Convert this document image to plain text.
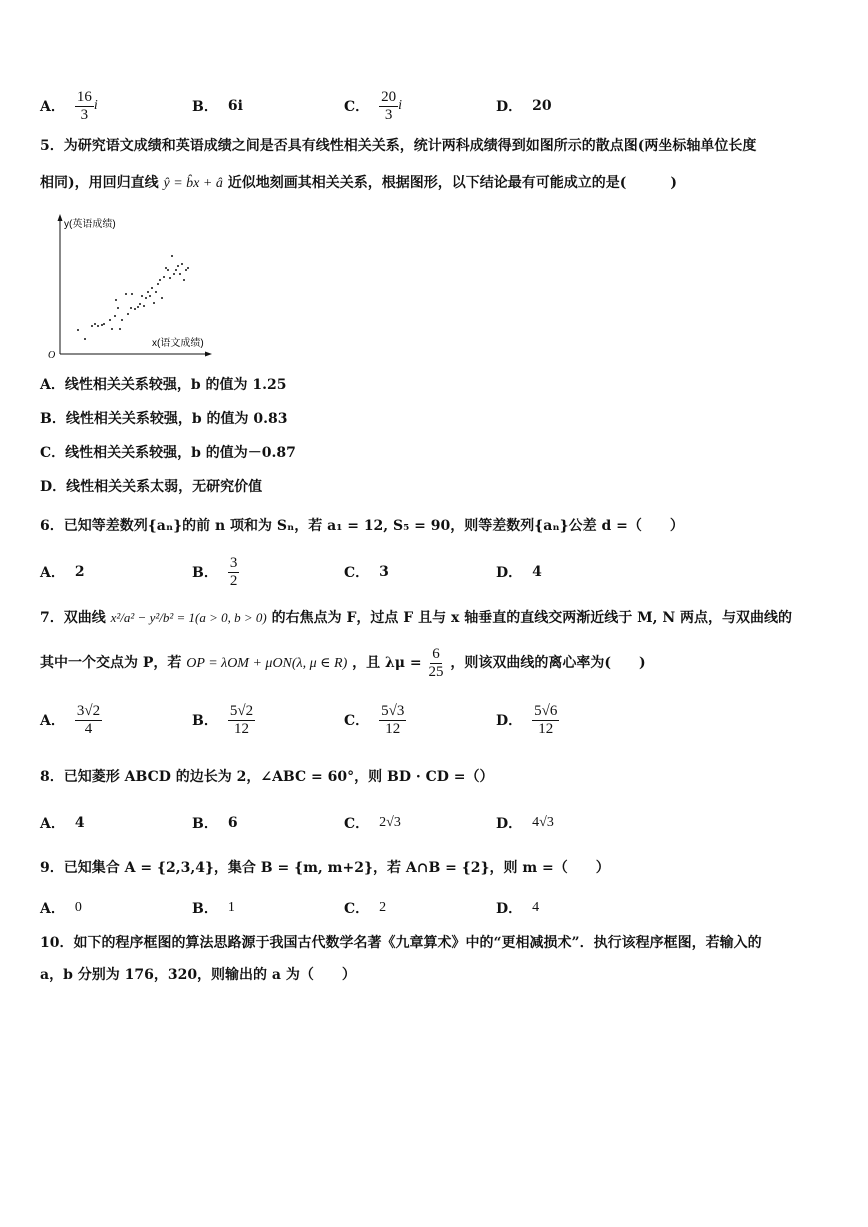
A． $\frac{16}{3}$ i	B． 6i	C． $\frac{20}{3}$ i	D． 20
5．为研究语文成绩和英语成绩之间是否具有线性相关关系，统计两科成绩得到如图所示的散点图(两坐标轴单位长度
相同)，用回归直线 ŷ = b̂x + â 近似地刻画其相关关系，根据图形，以下结论最有可能成立的是(	)
y(英语成绩)
x(语文成绩)
O
A．线性相关关系较强，b 的值为 1.25
B．线性相关关系较强，b 的值为 0.83
C．线性相关关系较强，b 的值为－0.87
D．线性相关关系太弱，无研究价值
6．已知等差数列{aₙ}的前 n 项和为 Sₙ，若 a₁ = 12, S₅ = 90，则等差数列{aₙ}公差 d =（　　）
A． 2	B． $\frac{3}{2}$	C． 3	D． 4
7．双曲线 x²/a² − y²/b² = 1(a > 0, b > 0) 的右焦点为 F，过点 F 且与 x 轴垂直的直线交两渐近线于 M, N 两点，与双曲线的
其中一个交点为 P，若 OP = λOM + μON(λ, μ ∈ R) ，且 $\lambda\mu = \frac{6}{25}$ ，则该双曲线的离心率为(　　)
A． $\frac{3√2}{4}$	B． $\frac{5√2}{12}$	C． $\frac{5√3}{12}$	D． $\frac{5√6}{12}$
8．已知菱形 ABCD 的边长为 2，∠ABC = 60°，则 BD · CD =（）
A． 4	B． 6	C． 2√3	D． 4√3
9．已知集合 A = {2,3,4}，集合 B = {m, m+2}，若 A∩B = {2}，则 m =（　　）
A． 0	B． 1	C． 2	D． 4
10．如下的程序框图的算法思路源于我国古代数学名著《九章算术》中的“更相减损术”．执行该程序框图，若输入的
a，b 分别为 176，320，则输出的 a 为（　　）
